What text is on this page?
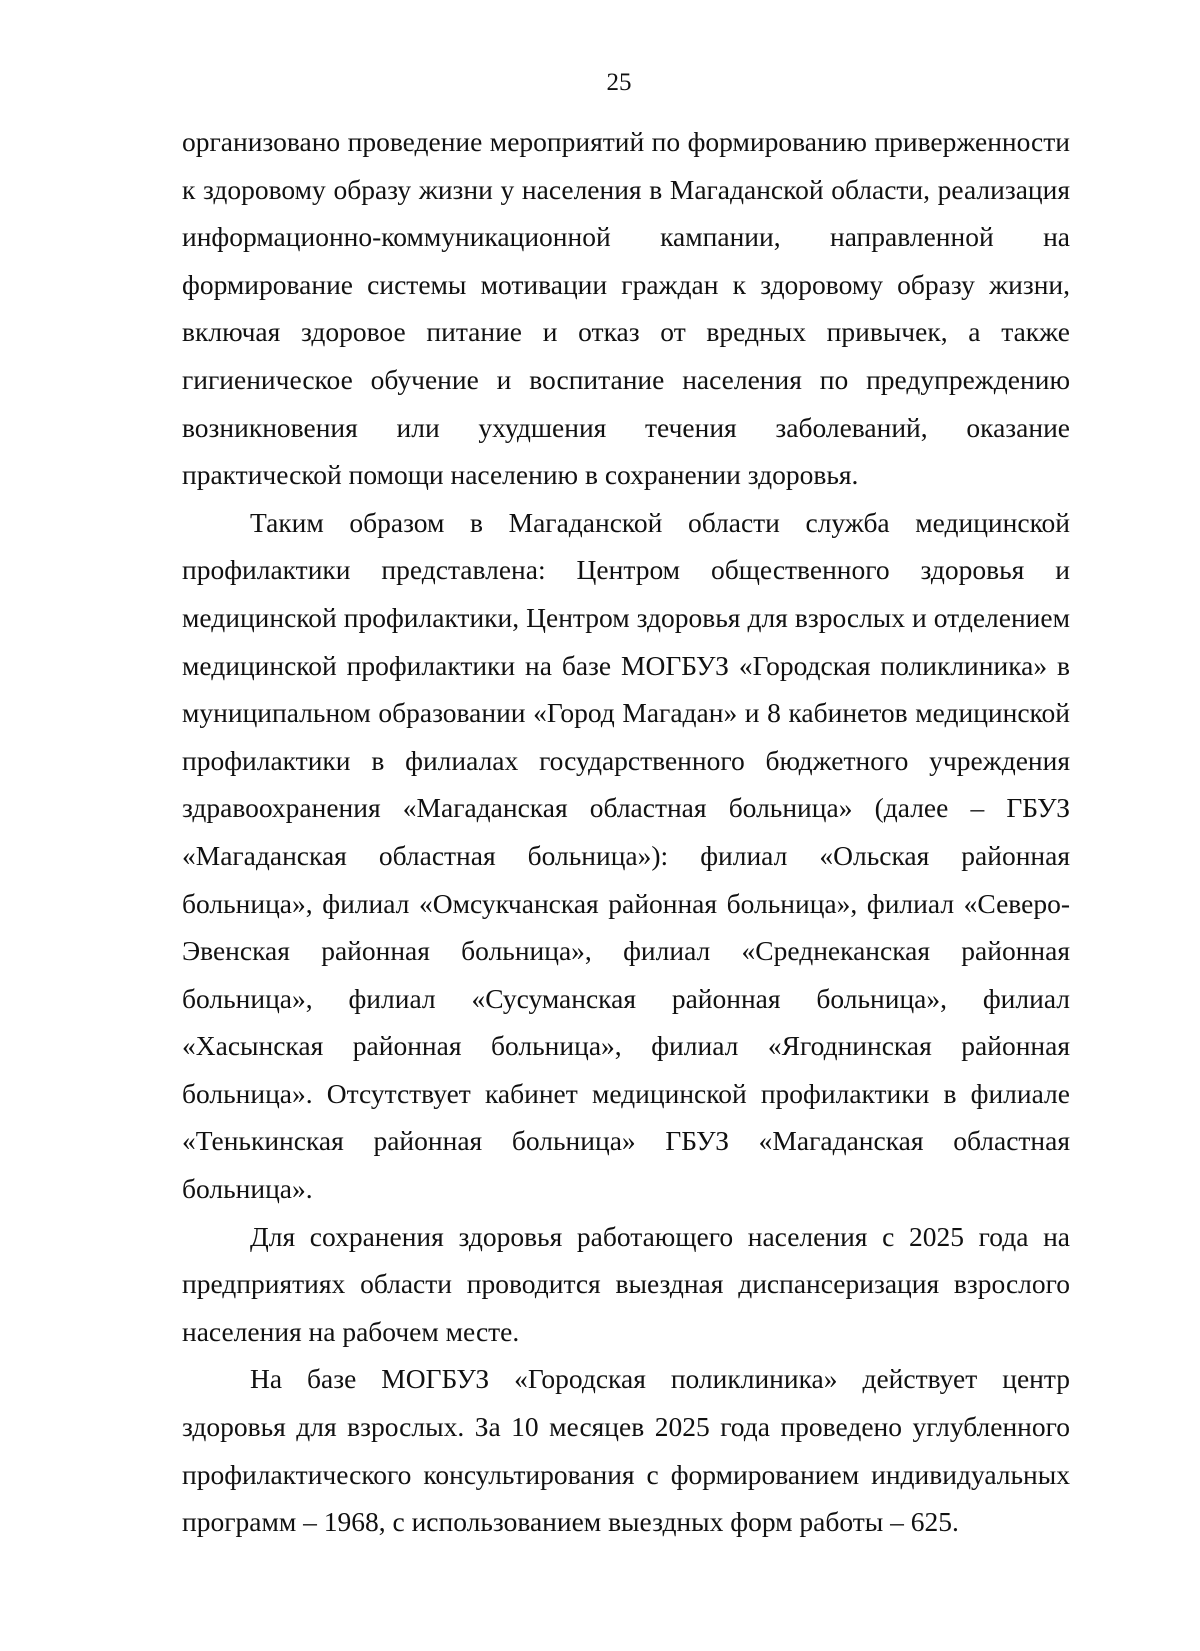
25

организовано проведение мероприятий по формированию приверженности к здоровому образу жизни у населения в Магаданской области, реализация информационно-коммуникационной кампании, направленной на формирование системы мотивации граждан к здоровому образу жизни, включая здоровое питание и отказ от вредных привычек, а также гигиеническое обучение и воспитание населения по предупреждению возникновения или ухудшения течения заболеваний, оказание практической помощи населению в сохранении здоровья.

Таким образом в Магаданской области служба медицинской профилактики представлена: Центром общественного здоровья и медицинской профилактики, Центром здоровья для взрослых и отделением медицинской профилактики на базе МОГБУЗ «Городская поликлиника» в муниципальном образовании «Город Магадан» и 8 кабинетов медицинской профилактики в филиалах государственного бюджетного учреждения здравоохранения «Магаданская областная больница» (далее – ГБУЗ «Магаданская областная больница»): филиал «Ольская районная больница», филиал «Омсукчанская районная больница», филиал «Северо-Эвенская районная больница», филиал «Среднеканская районная больница», филиал «Сусуманская районная больница», филиал «Хасынская районная больница», филиал «Ягоднинская районная больница». Отсутствует кабинет медицинской профилактики в филиале «Тенькинская районная больница» ГБУЗ «Магаданская областная больница».

Для сохранения здоровья работающего населения с 2025 года на предприятиях области проводится выездная диспансеризация взрослого населения на рабочем месте.

На базе МОГБУЗ «Городская поликлиника» действует центр здоровья для взрослых. За 10 месяцев 2025 года проведено углубленного профилактического консультирования с формированием индивидуальных программ – 1968, с использованием выездных форм работы – 625.
